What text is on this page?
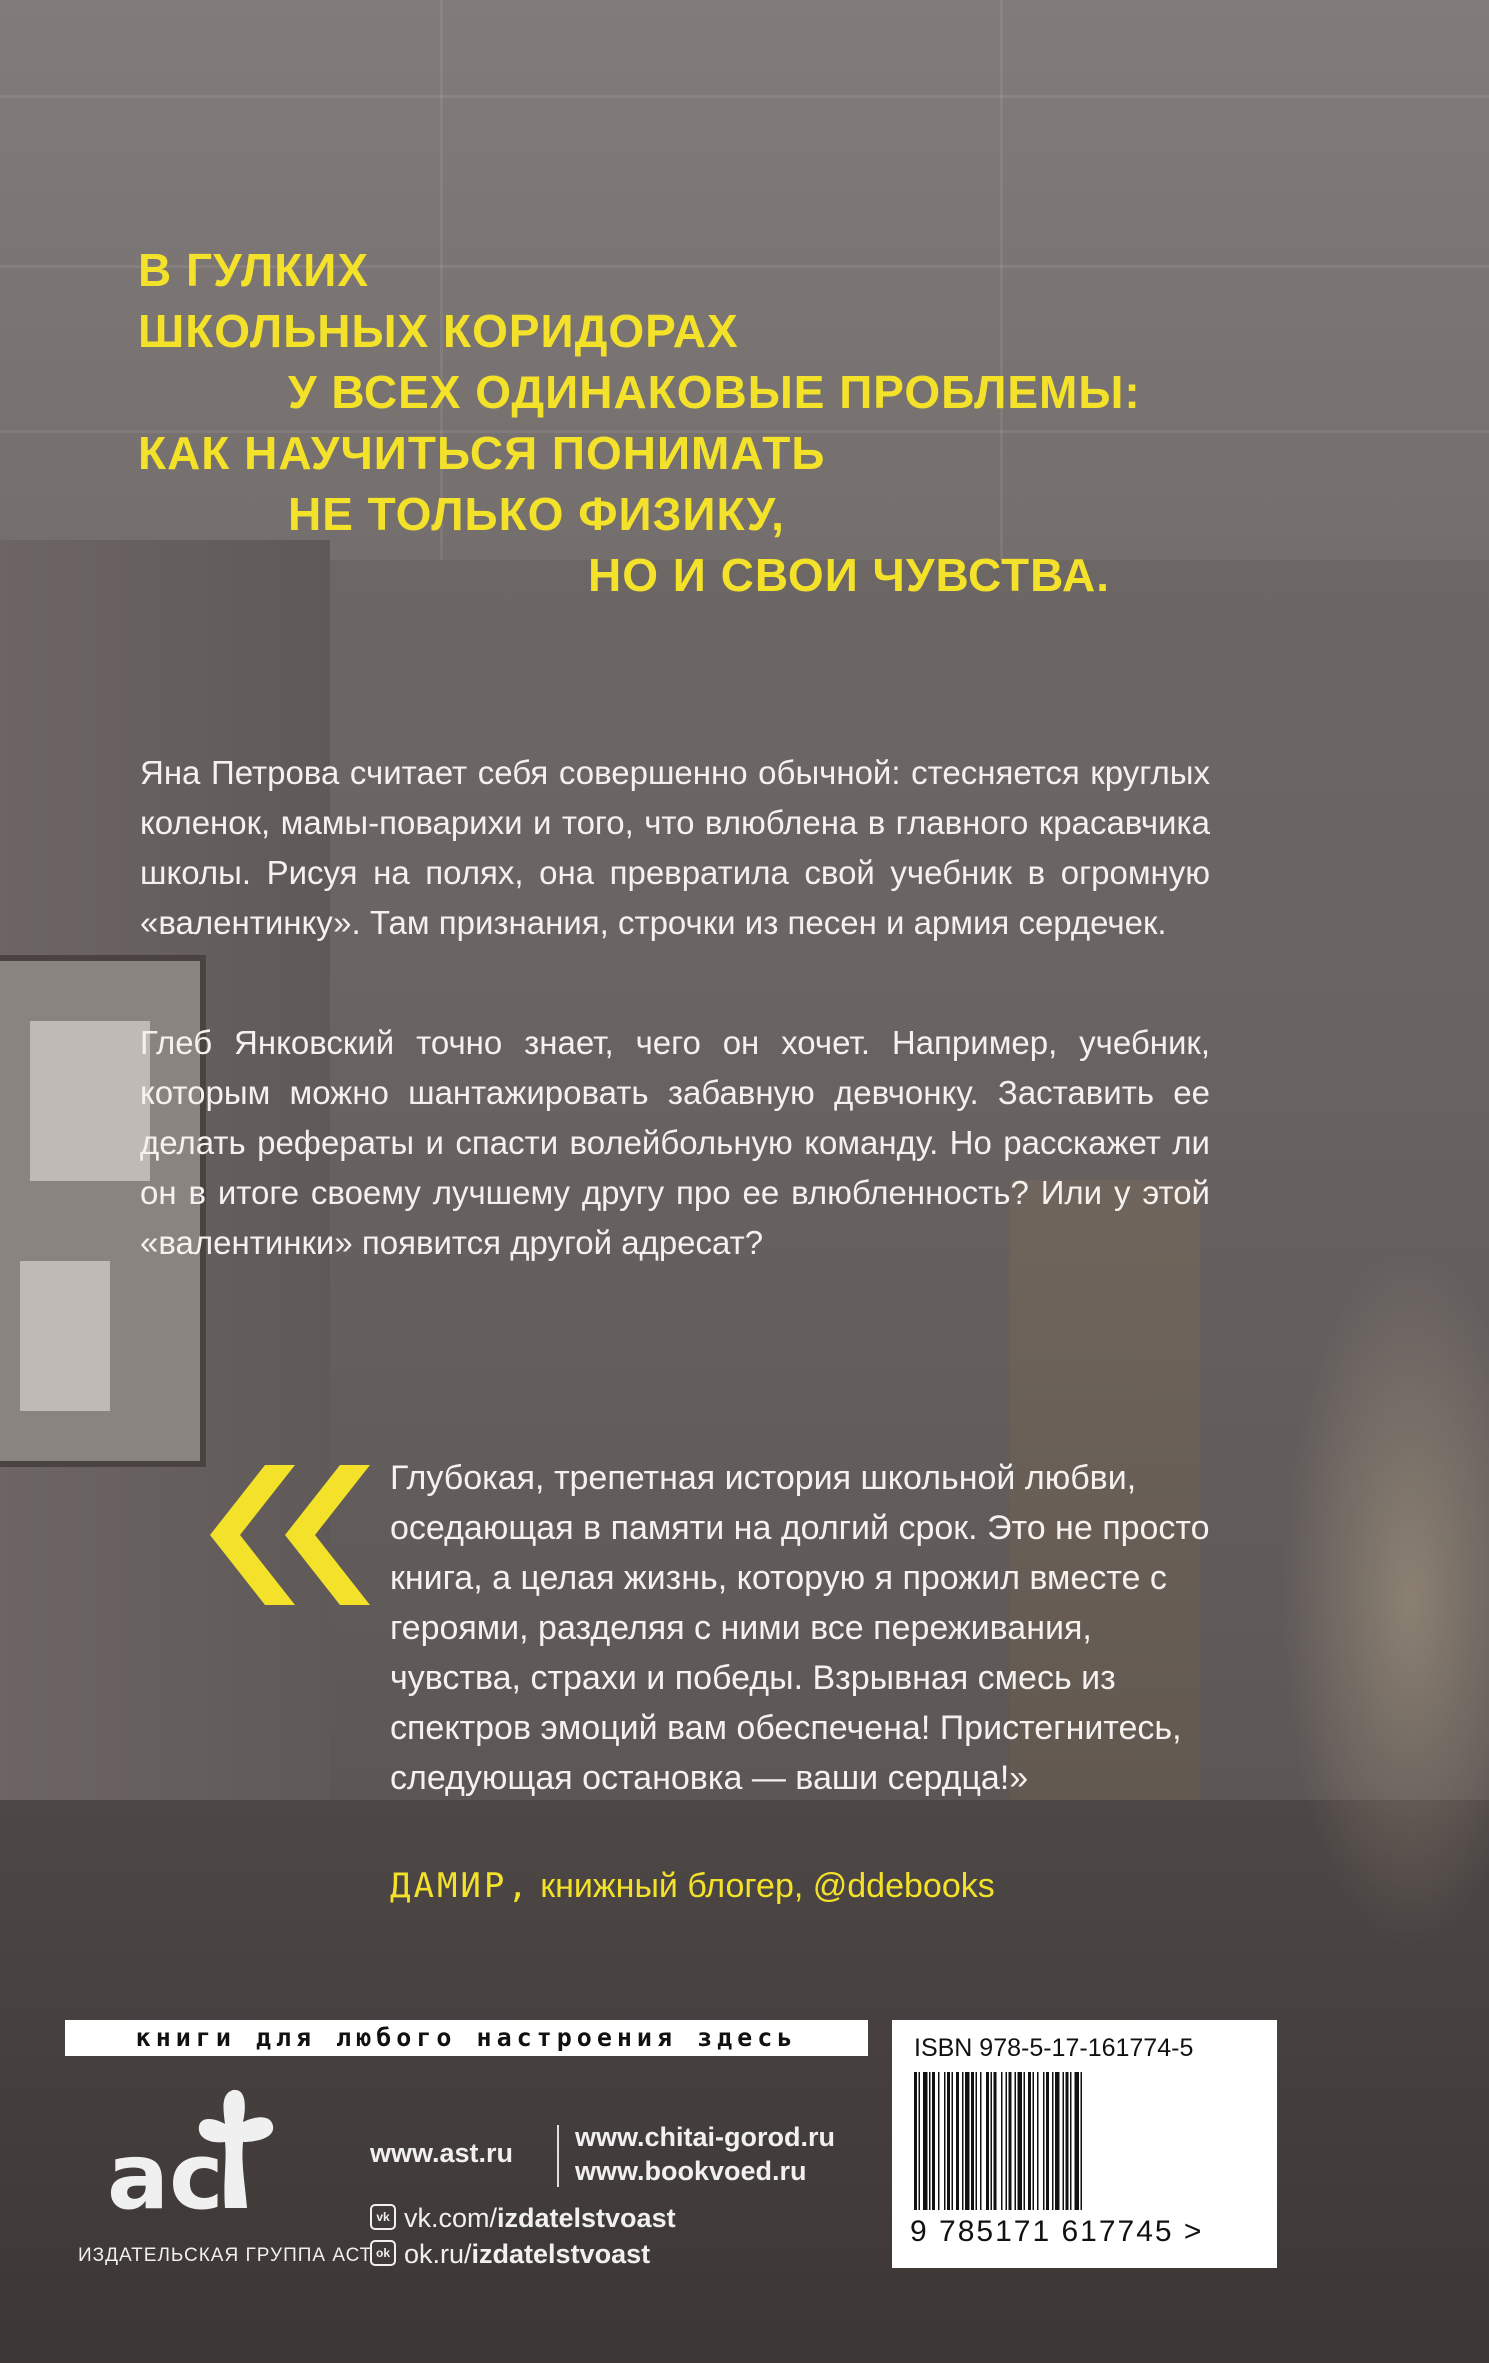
В ГУЛКИХ
ШКОЛЬНЫХ КОРИДОРАХ
У ВСЕХ ОДИНАКОВЫЕ ПРОБЛЕМЫ:
КАК НАУЧИТЬСЯ ПОНИМАТЬ
НЕ ТОЛЬКО ФИЗИКУ,
НО И СВОИ ЧУВСТВА.
Яна Петрова считает себя совершенно обычной: стесняется круглых коленок, мамы-поварихи и того, что влюблена в главного красавчика школы. Рисуя на полях, она превратила свой учебник в огромную «валентинку». Там признания, строчки из песен и армия сердечек.
Глеб Янковский точно знает, чего он хочет. Например, учебник, которым можно шантажировать забавную девчонку. Заставить ее делать рефераты и спасти волейбольную команду. Но расскажет ли он в итоге своему лучшему другу про ее влюбленность? Или у этой «валентинки» появится другой адресат?
Глубокая, трепетная история школьной любви, оседающая в памяти на долгий срок. Это не просто книга, а целая жизнь, которую я прожил вместе с героями, разделяя с ними все переживания, чувства, страхи и победы. Взрывная смесь из спектров эмоций вам обеспечена! Пристегнитесь, следующая остановка — ваши сердца!»
ДАМИР, книжный блогер, @ddebooks
книги для любого настроения здесь
ac
ИЗДАТЕЛЬСКАЯ ГРУППА АСТ
www.ast.ru
www.chitai-gorod.ru
www.bookvoed.ru
vk vk.com/izdatelstvoast
ok ok.ru/izdatelstvoast
ISBN 978-5-17-161774-5
9 785171 617745 >
